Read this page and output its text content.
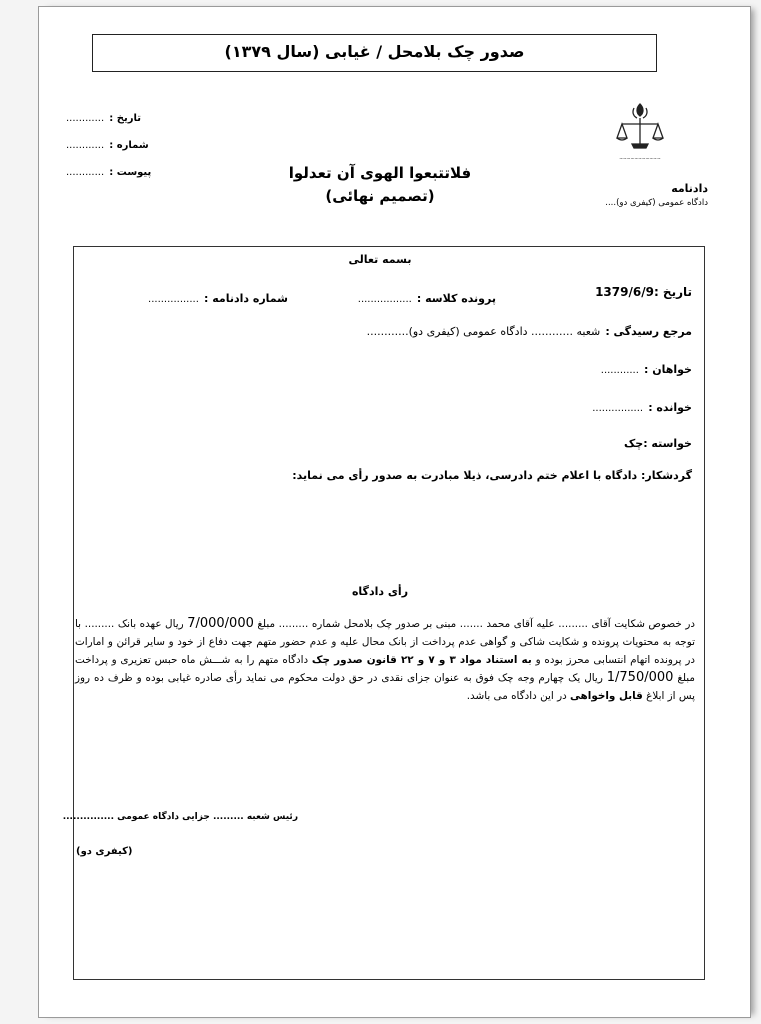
صدور چک بلامحل / غیابی (سال ۱۳۷۹)
تاریخ : ............
شماره : ............
پیوست : ............
~~~~~~~~~~~
دادنامه
دادگاه عمومی (کیفری دو)....
فلاتتبعوا الهوی آن تعدلوا
(تصمیم نهائی)
بسمه تعالی
تاریخ :1379/6/9
پرونده کلاسه : .................
شماره دادنامه : ................
مرجع رسیدگی : شعبه ............ دادگاه عمومی (کیفری دو)............
خواهان : ............
خوانده : ................
خواسته :چک
گردشکار: دادگاه با اعلام ختم دادرسی، ذیلا مبادرت به صدور رأی می نماید:
رأی دادگاه
در خصوص شکایت آقای ......... علیه آقای محمد ....... مبنی بر صدور چک بلامحل شماره ......... مبلغ 7/000/000 ریال عهده بانک ......... با توجه به محتویات پرونده و شکایت شاکی و گواهی عدم پرداخت از بانک محال علیه و عدم حضور متهم جهت دفاع از خود و سایر قرائن و امارات در پرونده اتهام انتسابی محرز بوده و به استناد مواد ۳ و ۷ و ۲۲ قانون صدور چک دادگاه متهم را به شـــش ماه حبس تعزیری و پرداخت مبلغ 1/750/000 ریال یک چهارم وجه چک فوق به عنوان جزای نقدی در حق دولت محکوم می نماید رأی صادره غیابی بوده و ظرف ده روز پس از ابلاغ قابل واخواهی در این دادگاه می باشد.
رئیس شعبه ......... جزایی دادگاه عمومی ...............
(کیفری دو)
